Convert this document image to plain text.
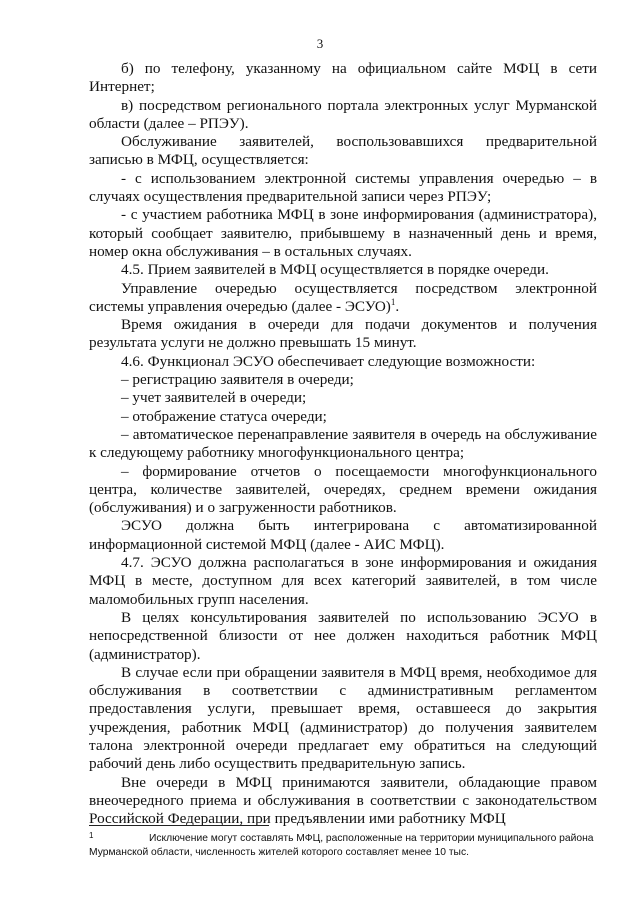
3

б) по телефону, указанному на официальном сайте МФЦ в сети Интернет;

в) посредством регионального портала электронных услуг Мурманской области (далее – РПЭУ).

Обслуживание заявителей, воспользовавшихся предварительной записью в МФЦ, осуществляется:

- с использованием электронной системы управления очередью – в случаях осуществления предварительной записи через РПЭУ;

- с участием работника МФЦ в зоне информирования (администратора), который сообщает заявителю, прибывшему в назначенный день и время, номер окна обслуживания – в остальных случаях.

4.5. Прием заявителей в МФЦ осуществляется в порядке очереди.

Управление очередью осуществляется посредством электронной системы управления очередью (далее - ЭСУО)$^1$.

Время ожидания в очереди для подачи документов и получения результата услуги не должно превышать 15 минут.

4.6. Функционал ЭСУО обеспечивает следующие возможности:

– регистрацию заявителя в очереди;

– учет заявителей в очереди;

– отображение статуса очереди;

– автоматическое перенаправление заявителя в очередь на обслуживание к следующему работнику многофункционального центра;

– формирование отчетов о посещаемости многофункционального центра, количестве заявителей, очередях, среднем времени ожидания (обслуживания) и о загруженности работников.

ЭСУО должна быть интегрирована с автоматизированной информационной системой МФЦ (далее - АИС МФЦ).

4.7. ЭСУО должна располагаться в зоне информирования и ожидания МФЦ в месте, доступном для всех категорий заявителей, в том числе маломобильных групп населения.

В целях консультирования заявителей по использованию ЭСУО в непосредственной близости от нее должен находиться работник МФЦ (администратор).

В случае если при обращении заявителя в МФЦ время, необходимое для обслуживания в соответствии с административным регламентом предоставления услуги, превышает время, оставшееся до закрытия учреждения, работник МФЦ (администратор) до получения заявителем талона электронной очереди предлагает ему обратиться на следующий рабочий день либо осуществить предварительную запись.

Вне очереди в МФЦ принимаются заявители, обладающие правом внеочередного приема и обслуживания в соответствии с законодательством Российской Федерации, при предъявлении ими работнику МФЦ

1	Исключение могут составлять МФЦ, расположенные на территории муниципального района Мурманской области, численность жителей которого составляет менее 10 тыс.
